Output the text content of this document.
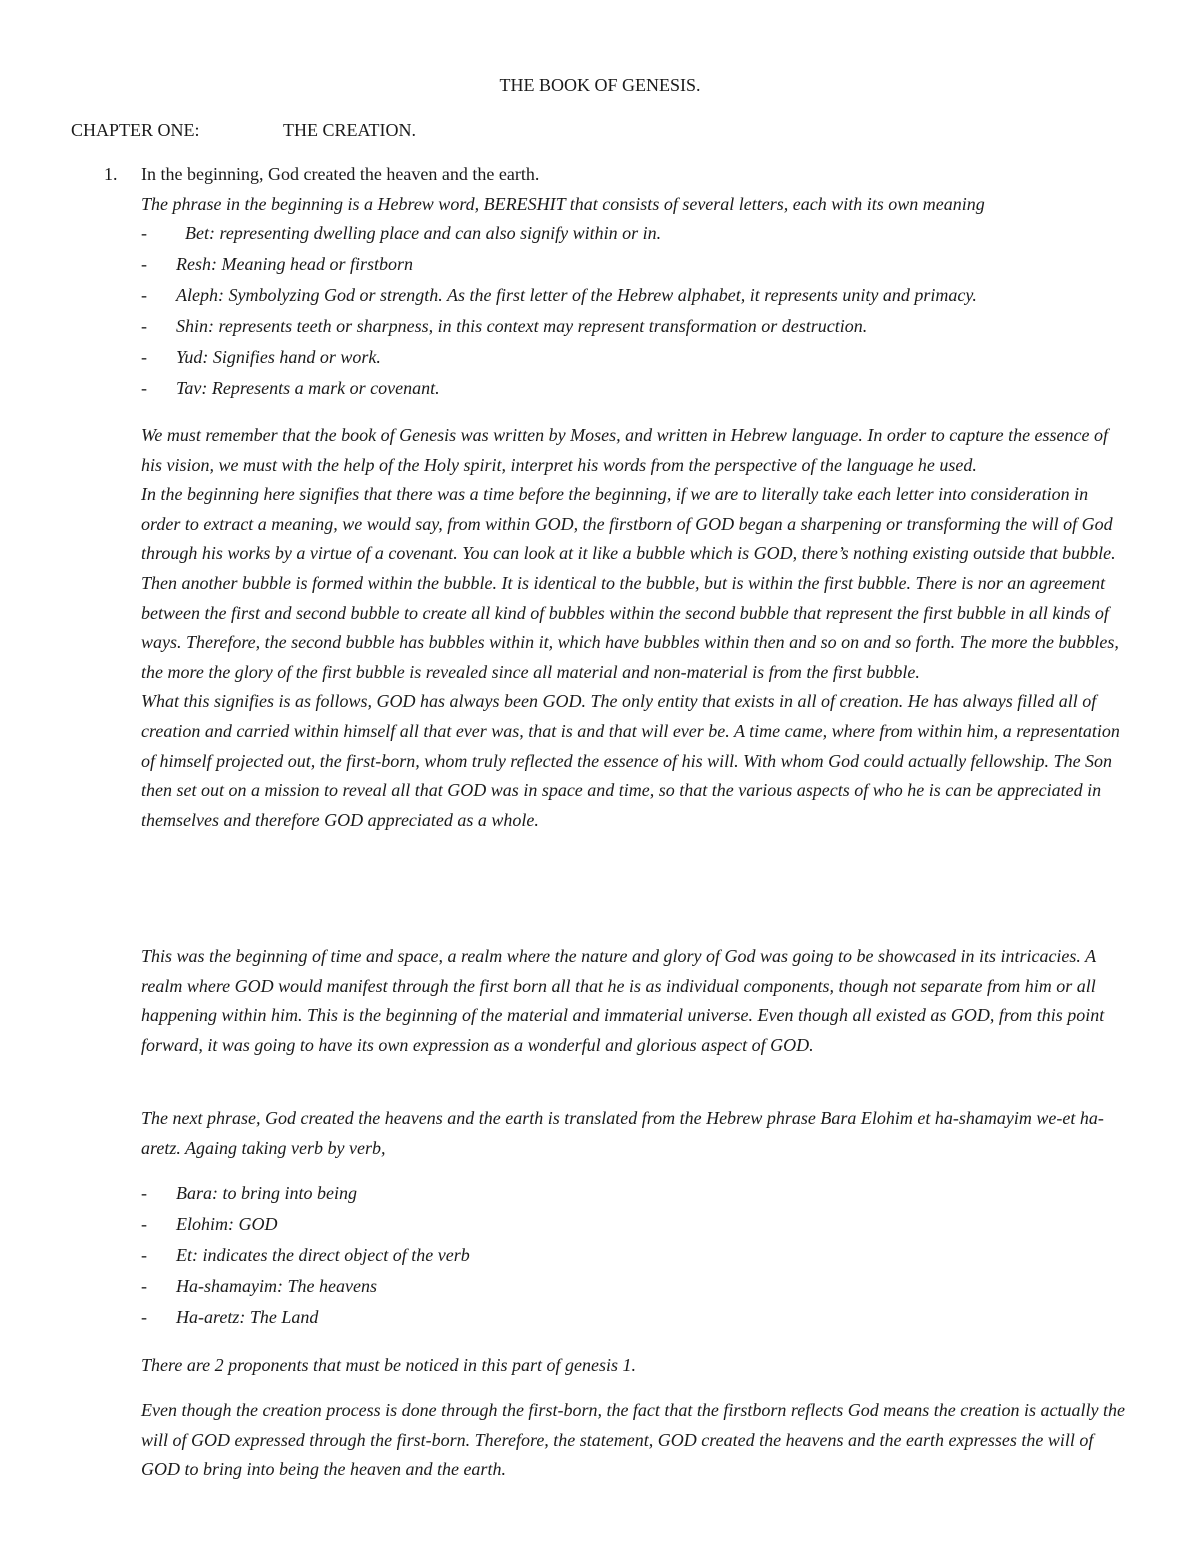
THE BOOK OF GENESIS.
CHAPTER ONE:	THE CREATION.
1. In the beginning, God created the heaven and the earth.

The phrase in the beginning is a Hebrew word, BERESHIT that consists of several letters, each with its own meaning

- Bet: representing dwelling place and can also signify within or in.
- Resh: Meaning head or firstborn
- Aleph: Symbolyzing God or strength. As the first letter of the Hebrew alphabet, it represents unity and primacy.
- Shin: represents teeth or sharpness, in this context may represent transformation or destruction.
- Yud: Signifies hand or work.
- Tav: Represents a mark or covenant.

We must remember that the book of Genesis was written by Moses, and written in Hebrew language. In order to capture the essence of his vision, we must with the help of the Holy spirit, interpret his words from the perspective of the language he used.

In the beginning here signifies that there was a time before the beginning, if we are to literally take each letter into consideration in order to extract a meaning, we would say, from within GOD, the firstborn of GOD began a sharpening or transforming the will of God through his works by a virtue of a covenant. You can look at it like a bubble which is GOD, there’s nothing existing outside that bubble. Then another bubble is formed within the bubble. It is identical to the bubble, but is within the first bubble. There is nor an agreement between the first and second bubble to create all kind of bubbles within the second bubble that represent the first bubble in all kinds of ways. Therefore, the second bubble has bubbles within it, which have bubbles within then and so on and so forth. The more the bubbles, the more the glory of the first bubble is revealed since all material and non-material is from the first bubble.

What this signifies is as follows, GOD has always been GOD. The only entity that exists in all of creation. He has always filled all of creation and carried within himself all that ever was, that is and that will ever be. A time came, where from within him, a representation of himself projected out, the first-born, whom truly reflected the essence of his will. With whom God could actually fellowship. The Son then set out on a mission to reveal all that GOD was in space and time, so that the various aspects of who he is can be appreciated in themselves and therefore GOD appreciated as a whole.

This was the beginning of time and space, a realm where the nature and glory of God was going to be showcased in its intricacies. A realm where GOD would manifest through the first born all that he is as individual components, though not separate from him or all happening within him. This is the beginning of the material and immaterial universe. Even though all existed as GOD, from this point forward, it was going to have its own expression as a wonderful and glorious aspect of GOD.

The next phrase, God created the heavens and the earth is translated from the Hebrew phrase Bara Elohim et ha-shamayim we-et ha-aretz. Againg taking verb by verb,

- Bara: to bring into being
- Elohim: GOD
- Et: indicates the direct object of the verb
- Ha-shamayim: The heavens
- Ha-aretz: The Land

There are 2 proponents that must be noticed in this part of genesis 1.

Even though the creation process is done through the first-born, the fact that the firstborn reflects God means the creation is actually the will of GOD expressed through the first-born. Therefore, the statement, GOD created the heavens and the earth expresses the will of GOD to bring into being the heaven and the earth.
